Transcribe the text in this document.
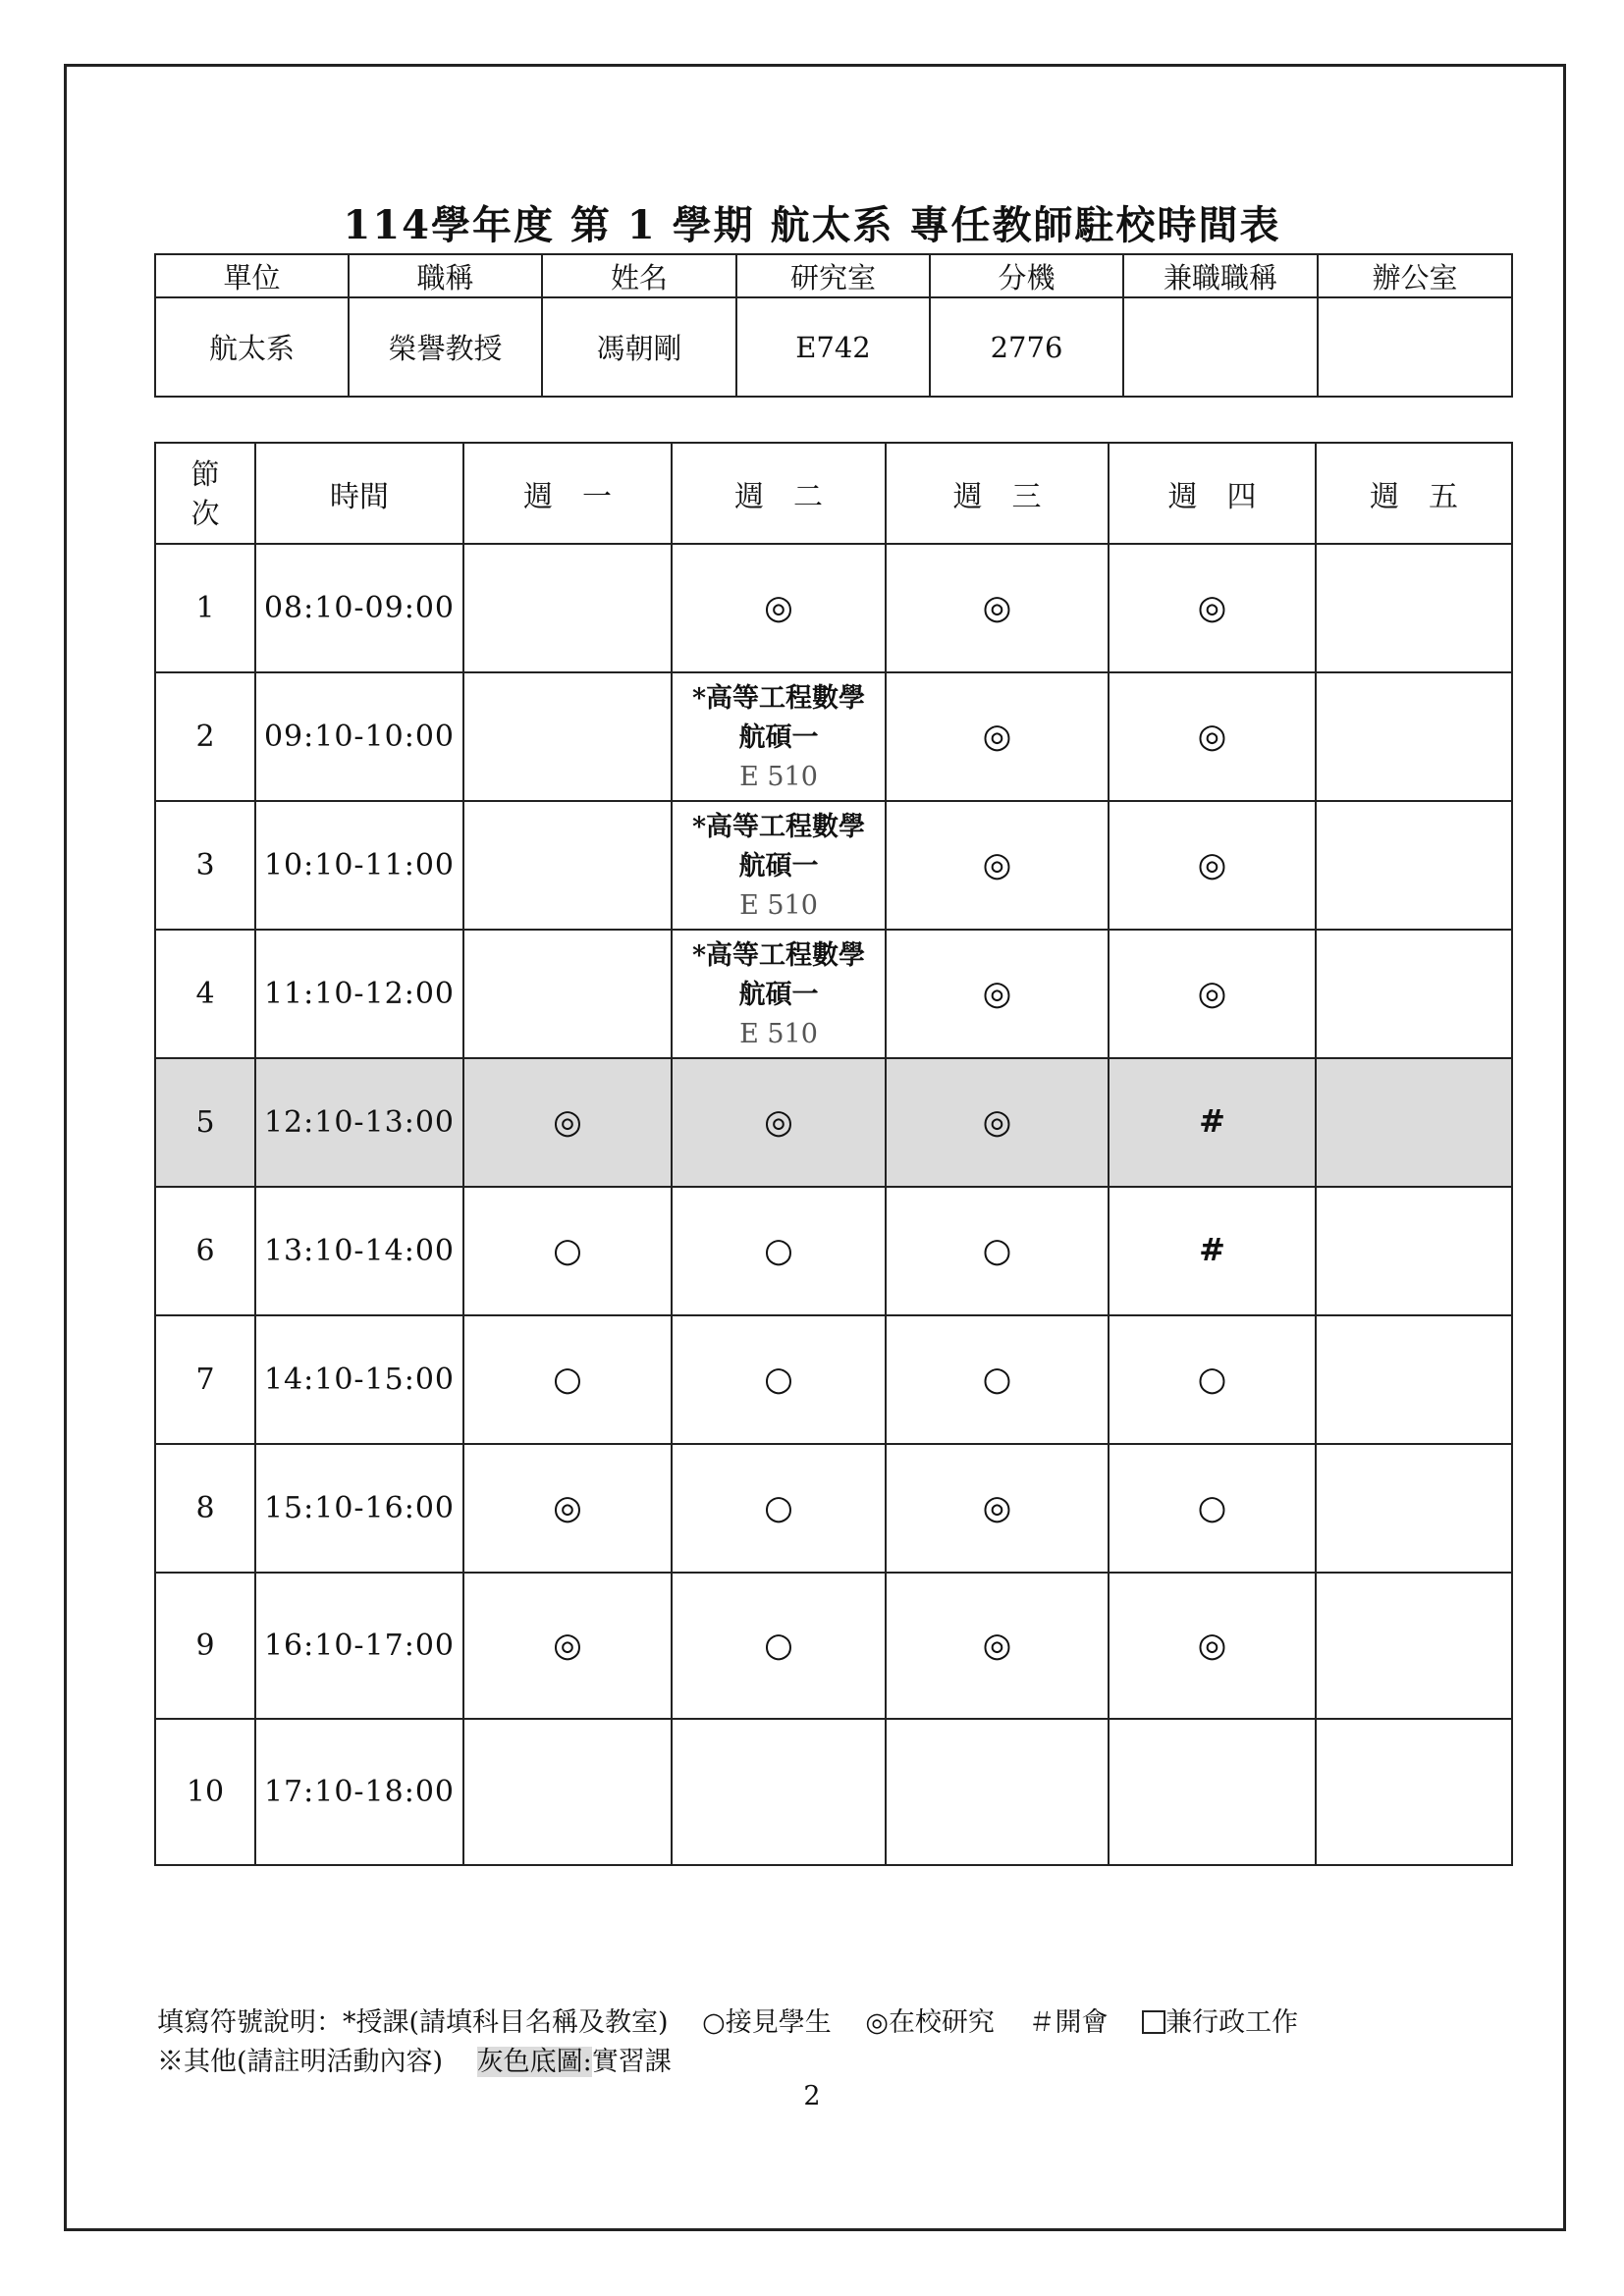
114學年度 第 1 學期 航太系 專任教師駐校時間表
單位	職稱	姓名	研究室	分機	兼職職稱	辦公室
航太系	榮譽教授	馮朝剛	E742	2776		
節
次	時間	週　一	週　二	週　三	週　四	週　五
1	08:10-09:00		◎	◎	◎	
2	09:10-10:00		*高等工程數學
航碩一
E 510	◎	◎	
3	10:10-11:00		*高等工程數學
航碩一
E 510	◎	◎	
4	11:10-12:00		*高等工程數學
航碩一
E 510	◎	◎	
5	12:10-13:00	◎	◎	◎	#	
6	13:10-14:00	○	○	○	#	
7	14:10-15:00	○	○	○	○	
8	15:10-16:00	◎	○	◎	○	
9	16:10-17:00	◎	○	◎	◎	
10	17:10-18:00					
填寫符號說明：*授課(請填科目名稱及教室) ○接見學生 ◎在校研究 ＃開會 兼行政工作
※其他(請註明活動內容) 灰色底圖:實習課
2
